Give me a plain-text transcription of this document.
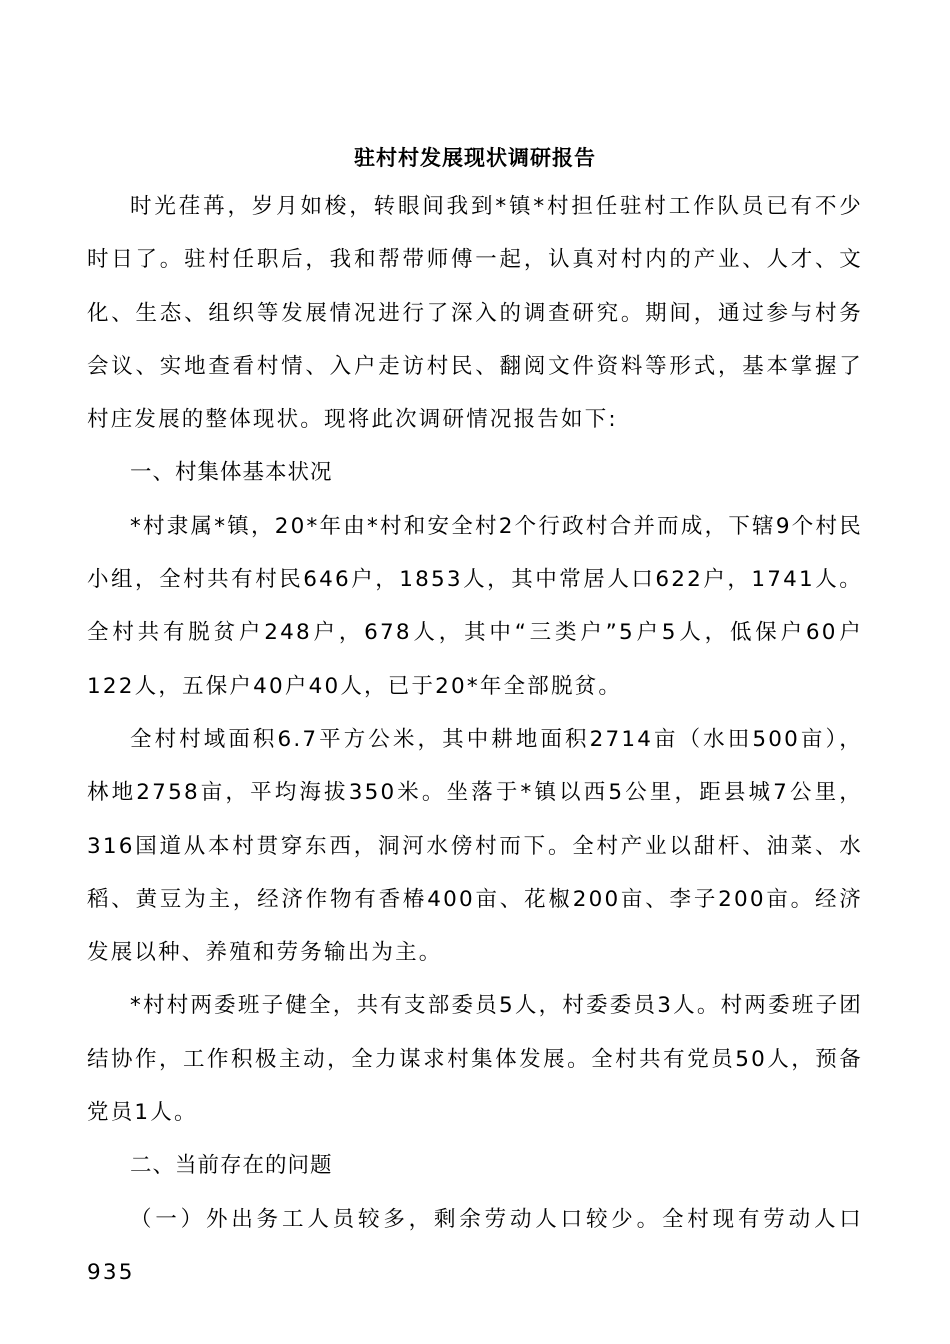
驻村村发展现状调研报告

时光荏苒，岁月如梭，转眼间我到*镇*村担任驻村工作队员已有不少时日了。驻村任职后，我和帮带师傅一起，认真对村内的产业、人才、文化、生态、组织等发展情况进行了深入的调查研究。期间，通过参与村务会议、实地查看村情、入户走访村民、翻阅文件资料等形式，基本掌握了村庄发展的整体现状。现将此次调研情况报告如下:

一、村集体基本状况

*村隶属*镇，20*年由*村和安全村2个行政村合并而成，下辖9个村民小组，全村共有村民646户，1853人，其中常居人口622户，1741人。全村共有脱贫户248户，678人，其中“三类户”5户5人，低保户60户122人，五保户40户40人，已于20*年全部脱贫。

全村村域面积6.7平方公米，其中耕地面积2714亩（水田500亩），林地2758亩，平均海拔350米。坐落于*镇以西5公里，距县城7公里，316国道从本村贯穿东西，洞河水傍村而下。全村产业以甜杆、油菜、水稻、黄豆为主，经济作物有香椿400亩、花椒200亩、李子200亩。经济发展以种、养殖和劳务输出为主。

*村村两委班子健全，共有支部委员5人，村委委员3人。村两委班子团结协作，工作积极主动，全力谋求村集体发展。全村共有党员50人，预备党员1人。

二、当前存在的问题

（一）外出务工人员较多，剩余劳动人口较少。全村现有劳动人口935
